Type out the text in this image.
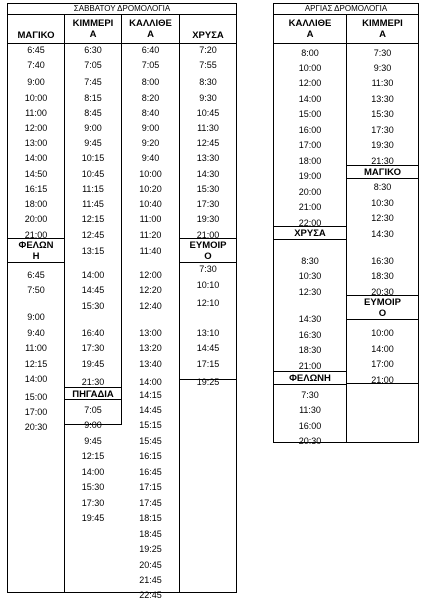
ΣΑΒΒΑΤΟΥ ΔΡΟΜΟΛΟΓΙΑ
ΜΑΓΙΚΟ
ΦΕΛΩΝ
Η
6:45
7:40
9:00
10:00
11:00
12:00
13:00
14:00
14:50
16:15
18:00
20:00
21:00
6:45
7:50
9:00
9:40
11:00
12:15
14:00
15:00
17:00
20:30
ΚΙΜΜΕΡΙ
Α
ΠΗΓΑΔΙΑ
6:30
7:05
7:45
8:15
8:45
9:00
9:45
10:15
10:45
11:15
11:45
12:15
12:45
13:15
14:00
14:45
15:30
16:40
17:30
19:45
21:30
7:05
9:00
9:45
12:15
14:00
15:30
17:30
19:45
ΚΑΛΛΙΘΕ
Α
6:40
7:05
8:00
8:20
8:40
9:00
9:20
9:40
10:00
10:20
10:40
11:00
11:20
11:40
12:00
12:20
12:40
13:00
13:20
13:40
14:00
14:15
14:45
15:15
15:45
16:15
16:45
17:15
17:45
18:15
18:45
19:25
20:45
21:45
22:45
ΧΡΥΣΑ
ΕΥΜΟΙΡ
Ο
7:20
7:55
8:30
9:30
10:45
11:30
12:45
13:30
14:30
15:30
17:30
19:30
21:00
7:30
10:10
12:10
13:10
14:45
17:15
19:25
ΑΡΓΙΑΣ ΔΡΟΜΟΛΟΓΙΑ
ΚΑΛΛΙΘΕ
Α
ΧΡΥΣΑ
ΦΕΛΩΝΗ
8:00
10:00
12:00
14:00
15:00
16:00
17:00
18:00
19:00
20:00
21:00
22:00
8:30
10:30
12:30
14:30
16:30
18:30
21:00
7:30
11:30
16:00
20:30
ΚΙΜΜΕΡΙ
Α
ΜΑΓΙΚΟ
ΕΥΜΟΙΡ
Ο
7:30
9:30
11:30
13:30
15:30
17:30
19:30
21:30
8:30
10:30
12:30
14:30
16:30
18:30
20:30
10:00
14:00
17:00
21:00
